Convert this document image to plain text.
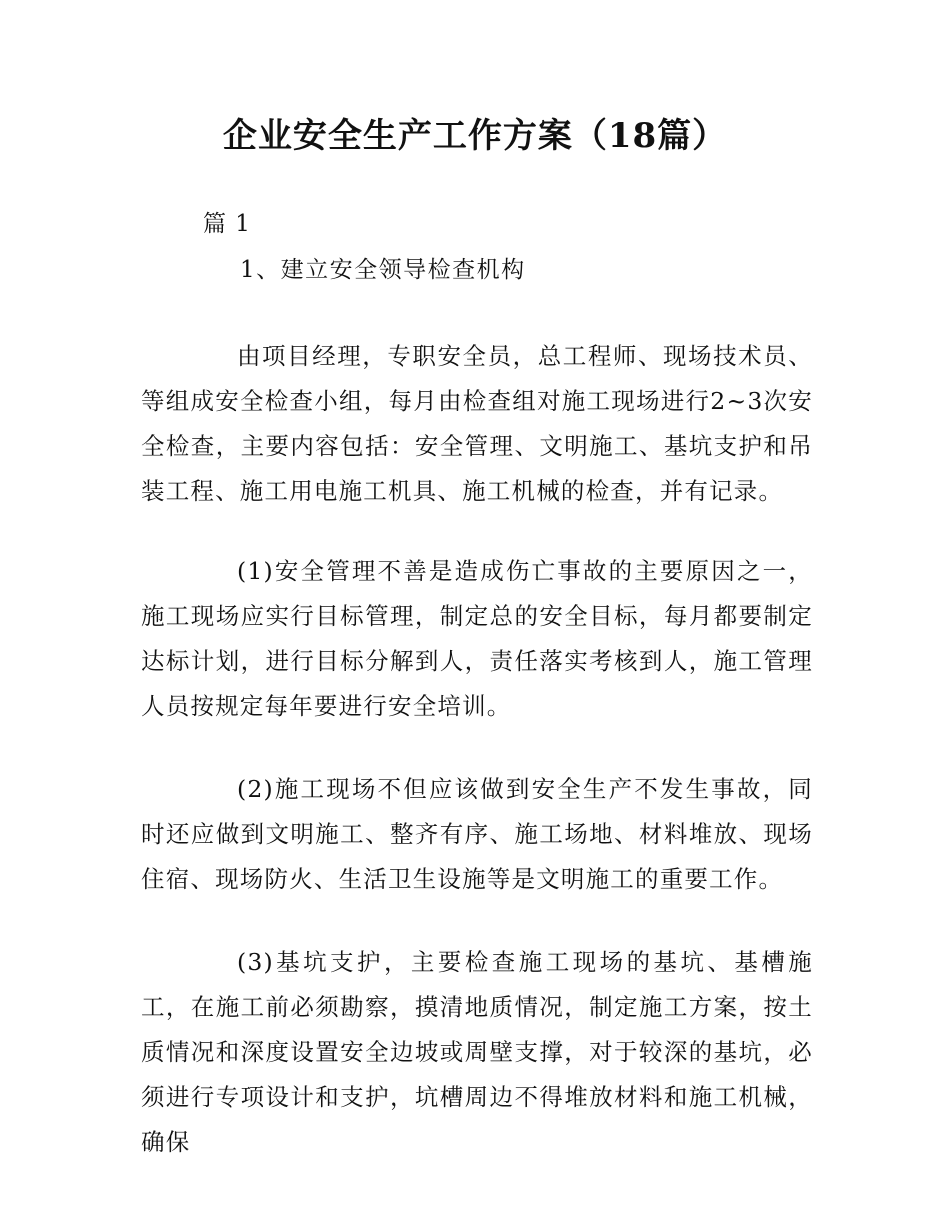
企业安全生产工作方案（18篇）

篇 1

1、建立安全领导检查机构

由项目经理，专职安全员，总工程师、现场技术员、等组成安全检查小组，每月由检查组对施工现场进行2~3次安全检查，主要内容包括：安全管理、文明施工、基坑支护和吊装工程、施工用电施工机具、施工机械的检查，并有记录。

(1)安全管理不善是造成伤亡事故的主要原因之一，施工现场应实行目标管理，制定总的安全目标，每月都要制定达标计划，进行目标分解到人，责任落实考核到人，施工管理人员按规定每年要进行安全培训。

(2)施工现场不但应该做到安全生产不发生事故，同时还应做到文明施工、整齐有序、施工场地、材料堆放、现场住宿、现场防火、生活卫生设施等是文明施工的重要工作。

(3)基坑支护，主要检查施工现场的基坑、基槽施工，在施工前必须勘察，摸清地质情况，制定施工方案，按土质情况和深度设置安全边坡或周壁支撑，对于较深的基坑，必须进行专项设计和支护，坑槽周边不得堆放材料和施工机械，确保
